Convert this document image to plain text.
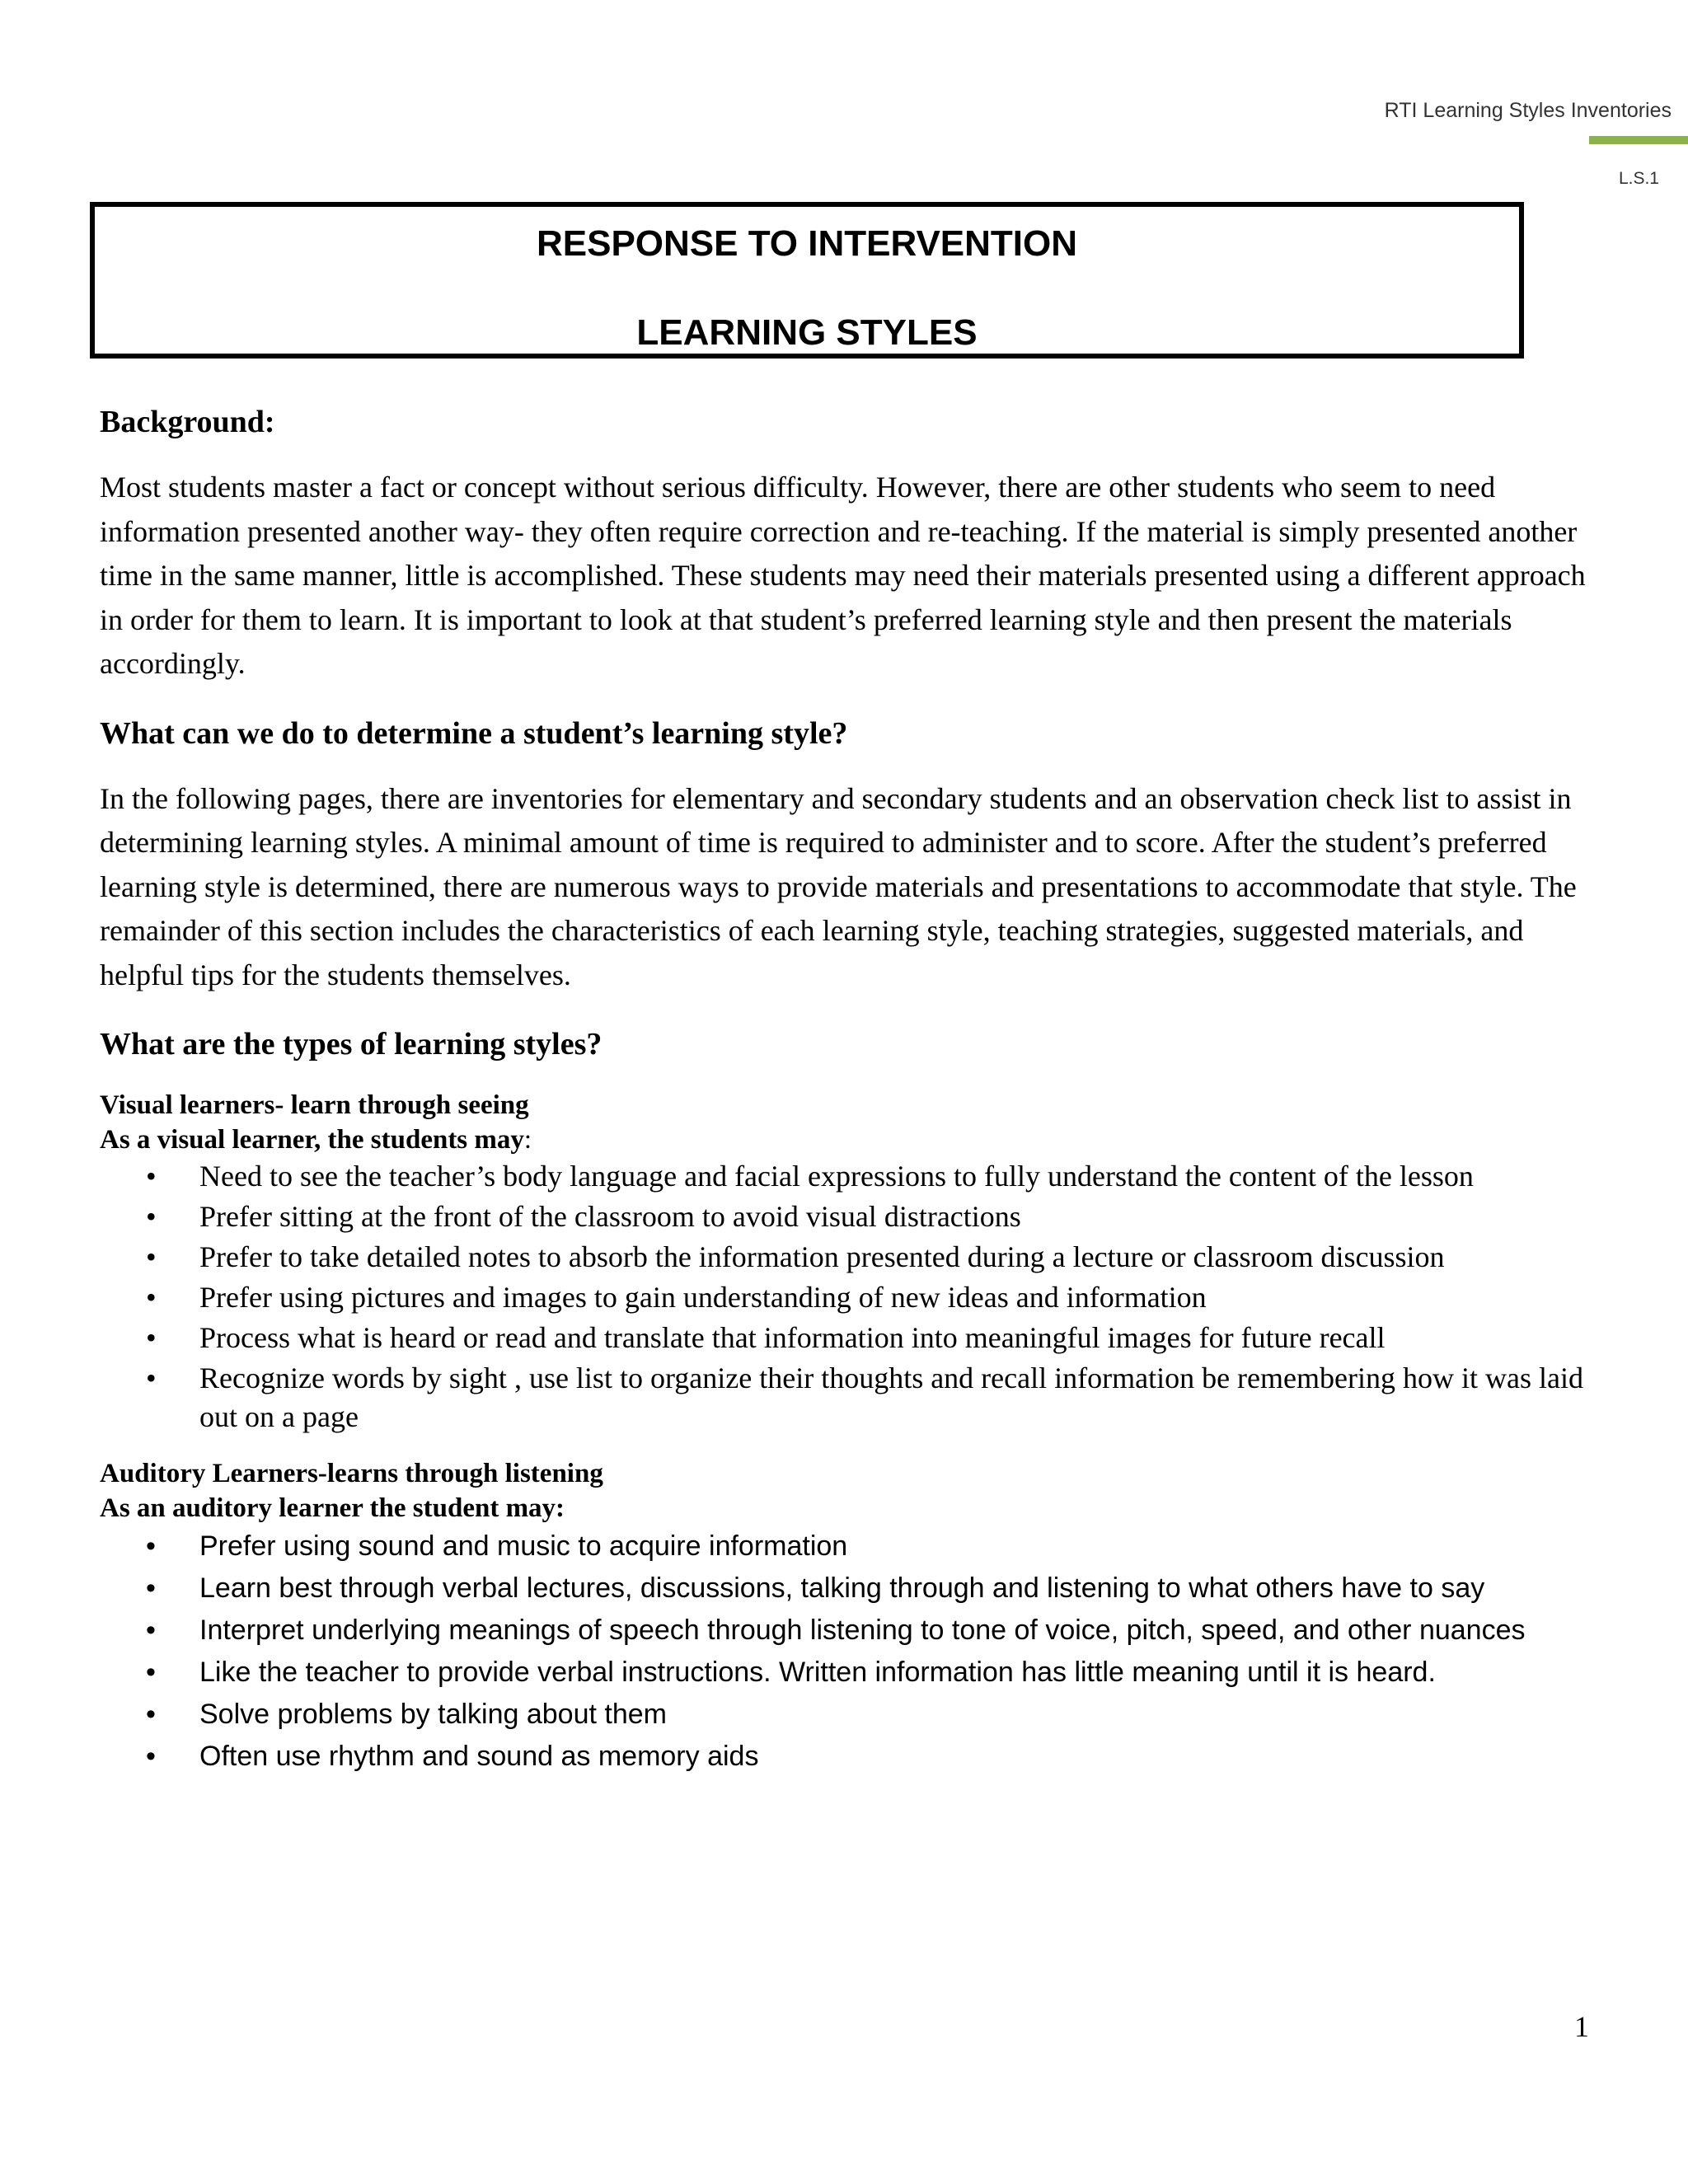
RTI Learning Styles Inventories
L.S.1
RESPONSE TO INTERVENTION
LEARNING STYLES
Background:

Most students master a fact or concept without serious difficulty. However, there are other students who seem to need information presented another way- they often require correction and re-teaching. If the material is simply presented another time in the same manner, little is accomplished. These students may need their materials presented using a different approach in order for them to learn. It is important to look at that student’s preferred learning style and then present the materials accordingly.

What can we do to determine a student’s learning style?

In the following pages, there are inventories for elementary and secondary students and an observation check list to assist in determining learning styles. A minimal amount of time is required to administer and to score. After the student’s preferred learning style is determined, there are numerous ways to provide materials and presentations to accommodate that style. The remainder of this section includes the characteristics of each learning style, teaching strategies, suggested materials, and helpful tips for the students themselves.

What are the types of learning styles?
Visual learners- learn through seeing
As a visual learner, the students may:
• Need to see the teacher’s body language and facial expressions to fully understand the content of the lesson
• Prefer sitting at the front of the classroom to avoid visual distractions
• Prefer to take detailed notes to absorb the information presented during a lecture or classroom discussion
• Prefer using pictures and images to gain understanding of new ideas and information
• Process what is heard or read and translate that information into meaningful images for future recall
• Recognize words by sight , use list to organize their thoughts and recall information be remembering how it was laid out on a page
Auditory Learners-learns through listening
As an auditory learner the student may:
• Prefer using sound and music to acquire information
• Learn best through verbal lectures, discussions, talking through and listening to what others have to say
• Interpret underlying meanings of speech through listening to tone of voice, pitch, speed, and other nuances
• Like the teacher to provide verbal instructions. Written information has little meaning until it is heard.
• Solve problems by talking about them
• Often use rhythm and sound as memory aids
1
